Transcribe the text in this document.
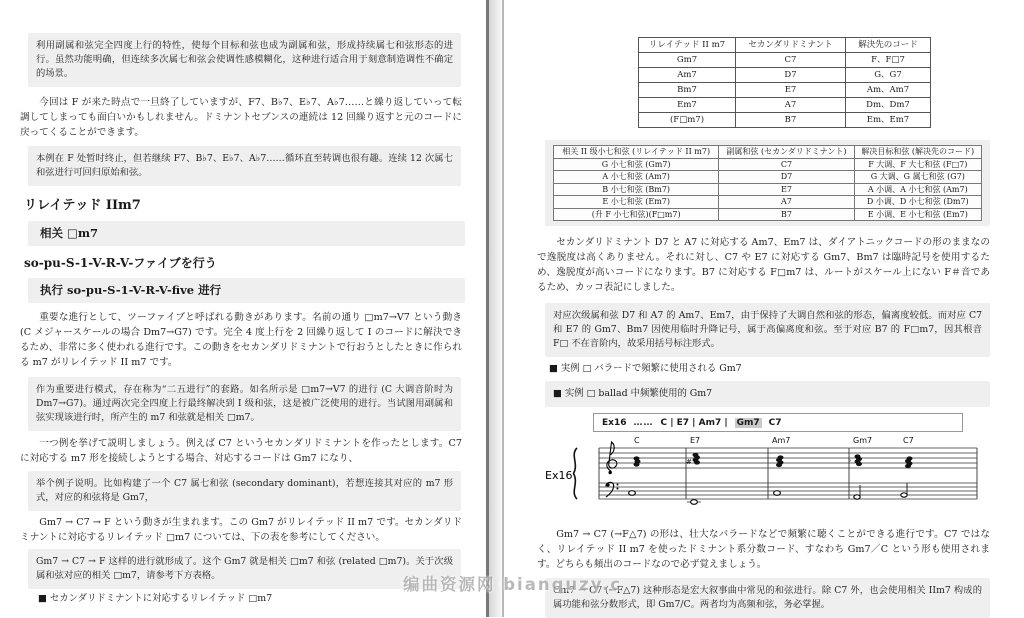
利用副属和弦完全四度上行的特性，使每个目标和弦也成为副属和弦，形成持续属七和弦形态的进行。虽然功能明确，但连续多次属七和弦会使调性感模糊化，这种进行适合用于刻意制造调性不确定的场景。

今回は F が来た時点で一旦終了していますが、F7、B♭7、E♭7、A♭7……と繰り返していって転調してしまっても面白いかもしれません。ドミナントセブンスの連続は 12 回繰り返すと元のコードに戻ってくることができます。

本例在 F 处暂时终止，但若继续 F7、B♭7、E♭7、A♭7……循环直至转调也很有趣。连续 12 次属七和弦进行可回归原始和弦。
リレイテッド IIm7
相关 □m7
so-pu-S-1-V-R-V-ファイブを行う
执行 so-pu-S-1-V-R-V-five 进行

重要な進行として、ツーファイブと呼ばれる動きがあります。名前の通り □m7→V7 という動き (C メジャースケールの場合 Dm7→G7) です。完全 4 度上行を 2 回繰り返して I のコードに解決できるため、非常に多く使われる進行です。この動きをセカンダリドミナントで行おうとしたときに作られる m7 がリレイテッド II m7 です。

作为重要进行模式，存在称为“二五进行”的套路。如名所示是 □m7→V7 的进行 (C 大调音阶时为 Dm7→G7)。通过两次完全四度上行最终解决到 I 级和弦，这是被广泛使用的进行。当试图用副属和弦实现该进行时，所产生的 m7 和弦就是相关 □m7。

一つ例を挙げて説明しましょう。例えば C7 というセカンダリドミナントを作ったとします。C7 に対応する m7 形を接続しようとする場合、対応するコードは Gm7 になり、

举个例子说明。比如构建了一个 C7 属七和弦 (secondary dominant)，若想连接其对应的 m7 形式，对应的和弦将是 Gm7，

Gm7 → C7 → F という動きが生まれます。この Gm7 がリレイテッド II m7 です。セカンダリドミナントに対応するリレイテッド □m7 については、下の表を参考にしてください。

Gm7 → C7 → F 这样的进行就形成了。这个 Gm7 就是相关 □m7 和弦 (related □m7)。关于次级属和弦对应的相关 □m7，请参考下方表格。
■ セカンダリドミナントに対応するリレイテッド □m7
リレイテッド II m7	セカンダリドミナント	解決先のコード
Gm7	C7	F、F□7
Am7	D7	G、G7
Bm7	E7	Am、Am7
Em7	A7	Dm、Dm7
(F□m7)	B7	Em、Em7
相关 II 级小七和弦 (リレイテッド II m7)	副属和弦 (セカンダリドミナント)	解决目标和弦 (解决先のコード)
G 小七和弦 (Gm7)	C7	F 大调、F 大七和弦 (F□7)
A 小七和弦 (Am7)	D7	G 大调、G 属七和弦 (G7)
B 小七和弦 (Bm7)	E7	A 小调、A 小七和弦 (Am7)
E 小七和弦 (Em7)	A7	D 小调、D 小七和弦 (Dm7)
(升 F 小七和弦)(F□m7)	B7	E 小调、E 小七和弦 (Em7)

セカンダリドミナント D7 と A7 に対応する Am7、Em7 は、ダイアトニックコードの形のままなので逸脱度は高くありません。それに対し、C7 や E7 に対応する Gm7、Bm7 は臨時記号を使用するため、逸脱度が高いコードになります。B7 に対応する F□m7 は、ルートがスケール上にない F＃音であるため、カッコ表記にしました。

对应次级属和弦 D7 和 A7 的 Am7、Em7，由于保持了大调自然和弦的形态，偏离度较低。而对应 C7 和 E7 的 Gm7、Bm7 因使用临时升降记号，属于高偏离度和弦。至于对应 B7 的 F□m7，因其根音 F□ 不在音阶内，故采用括号标注形式。
■ 実例 □ バラードで頻繁に使用される Gm7
■ 实例 □ ballad 中频繁使用的 Gm7
Ex16 …… C | E7 | Am7 | Gm7 C7
Ex16
C	E7	Am7	Gm7	C7
#	♭

Gm7 → C7 (→F△7) の形は、壮大なバラードなどで頻繁に聴くことができる進行です。C7 ではなく、リレイテッド II m7 を使ったドミナント系分数コード、すなわち Gm7／C という形も使用されます。どちらも頻出のコードなので必ず覚えましょう。

Gm7 → C7 (→F△7) 这种形态是宏大叙事曲中常见的和弦进行。除 C7 外，也会使用相关 IIm7 构成的属功能和弦分数形式，即 Gm7/C。两者均为高频和弦，务必掌握。
编曲资源网 bianquzy.c
